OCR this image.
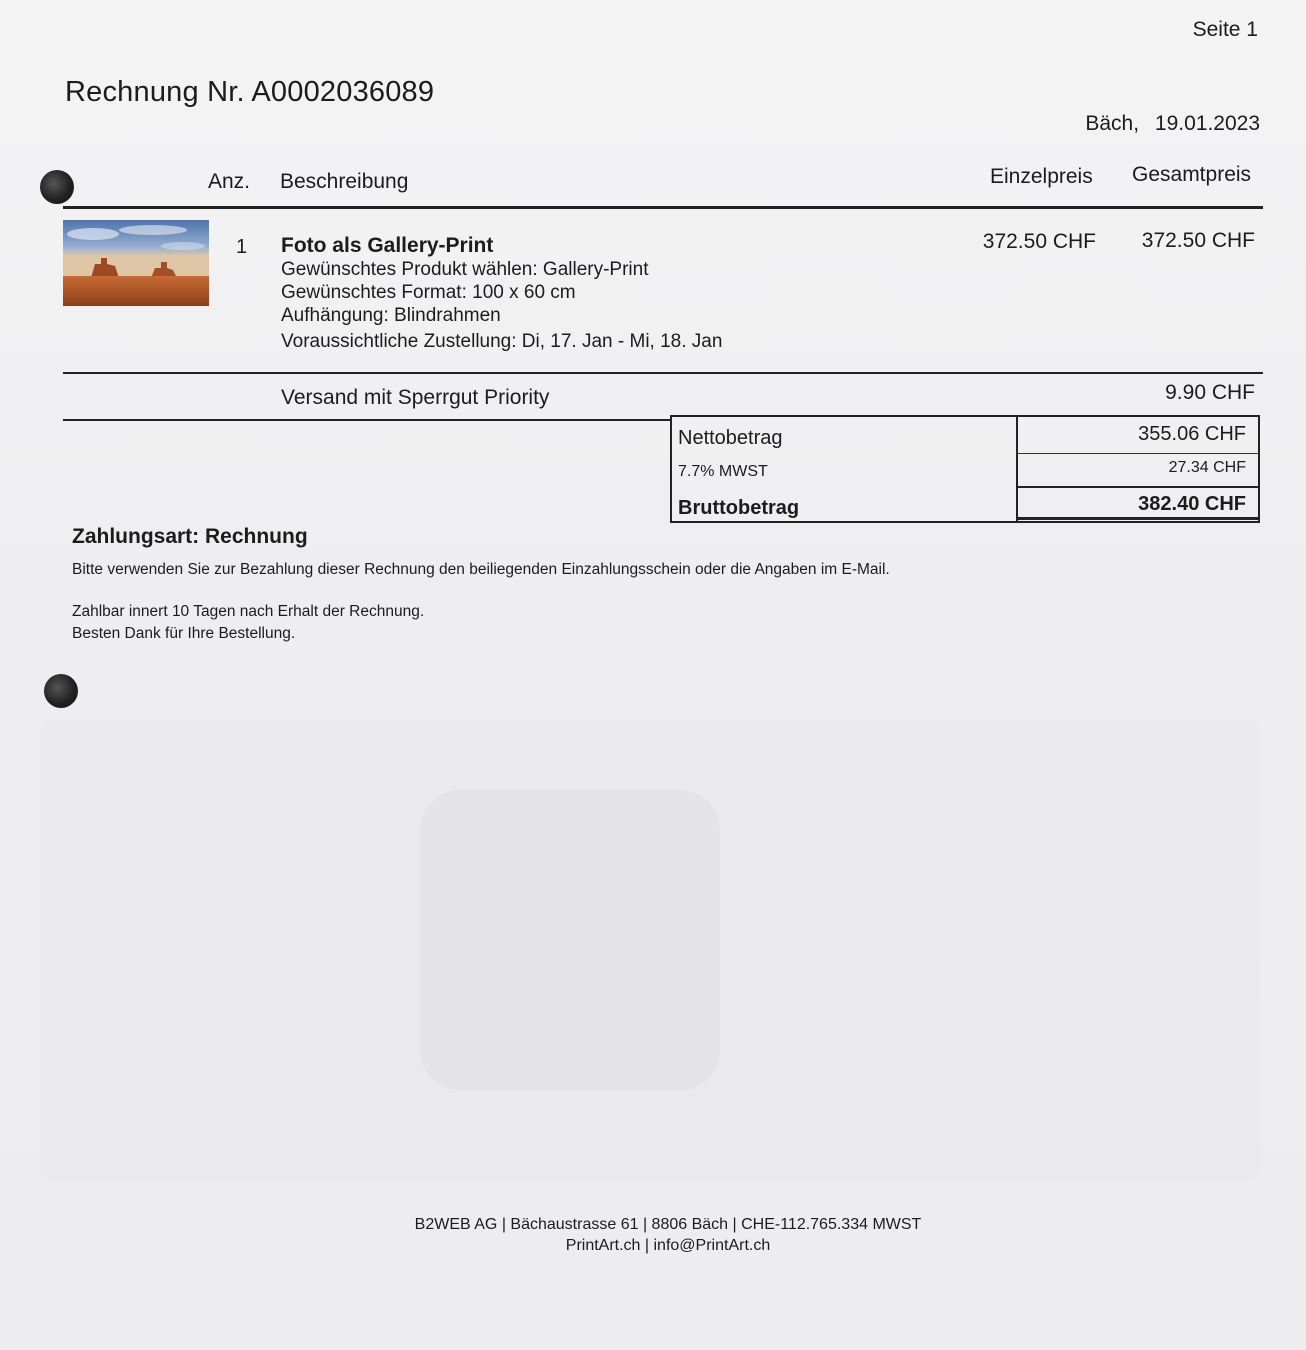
Seite 1
Rechnung Nr. A0002036089
Bäch, 19.01.2023
Anz. Beschreibung	Einzelpreis Gesamtpreis
1 Foto als Gallery-Print
Gewünschtes Produkt wählen: Gallery-Print
Gewünschtes Format: 100 x 60 cm
Aufhängung: Blindrahmen
Voraussichtliche Zustellung: Di, 17. Jan - Mi, 18. Jan
372.50 CHF 372.50 CHF
Versand mit Sperrgut Priority	9.90 CHF
Nettobetrag	355.06 CHF
7.7% MWST	27.34 CHF
Bruttobetrag	382.40 CHF
Zahlungsart: Rechnung
Bitte verwenden Sie zur Bezahlung dieser Rechnung den beiliegenden Einzahlungsschein oder die Angaben im E-Mail.
Zahlbar innert 10 Tagen nach Erhalt der Rechnung.
Besten Dank für Ihre Bestellung.
B2WEB AG | Bächaustrasse 61 | 8806 Bäch | CHE-112.765.334 MWST
PrintArt.ch | info@PrintArt.ch
